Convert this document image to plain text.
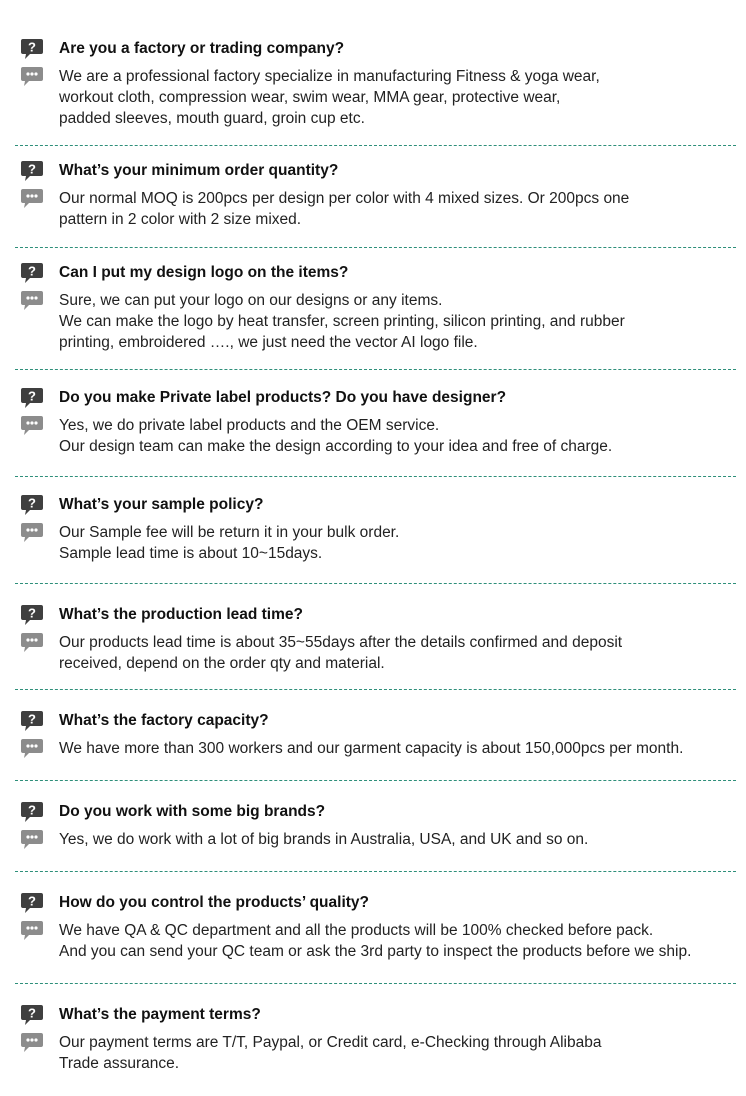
? Are you a factory or trading company?
We are a professional factory specialize in manufacturing Fitness & yoga wear,
workout cloth, compression wear, swim wear, MMA gear, protective wear,
padded sleeves, mouth guard, groin cup etc.
? What’s your minimum order quantity?
Our normal MOQ is 200pcs per design per color with 4 mixed sizes. Or 200pcs one
pattern in 2 color with 2 size mixed.
? Can I put my design logo on the items?
Sure, we can put your logo on our designs or any items.
We can make the logo by heat transfer, screen printing, silicon printing, and rubber
printing, embroidered …., we just need the vector AI logo file.
? Do you make Private label products? Do you have designer?
Yes, we do private label products and the OEM service.
Our design team can make the design according to your idea and free of charge.
? What’s your sample policy?
Our Sample fee will be return it in your bulk order.
Sample lead time is about 10~15days.
? What’s the production lead time?
Our products lead time is about 35~55days after the details confirmed and deposit
received, depend on the order qty and material.
? What’s the factory capacity?
We have more than 300 workers and our garment capacity is about 150,000pcs per month.
? Do you work with some big brands?
Yes, we do work with a lot of big brands in Australia, USA, and UK and so on.
? How do you control the products’ quality?
We have QA & QC department and all the products will be 100% checked before pack.
And you can send your QC team or ask the 3rd party to inspect the products before we ship.
? What’s the payment terms?
Our payment terms are T/T, Paypal, or Credit card, e-Checking through Alibaba
Trade assurance.
